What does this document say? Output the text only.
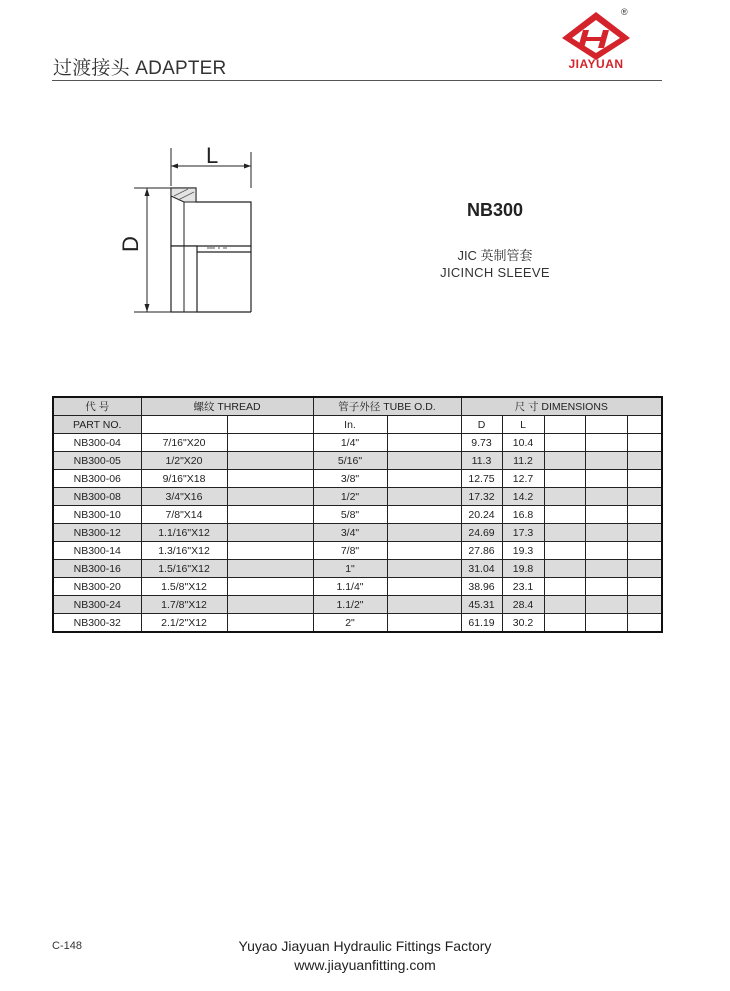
过渡接头 ADAPTER
®
JIAYUAN
L
D
NB300
JIC 英制管套
JICINCH SLEEVE
代 号	螺纹 THREAD		管子外径 TUBE O.D.		尺 寸 DIMENSIONS				
PART NO.			In.		D	L			
NB300-04	7/16"X20		1/4"		9.73	10.4			
NB300-05	1/2"X20		5/16"		11.3	11.2			
NB300-06	9/16"X18		3/8"		12.75	12.7			
NB300-08	3/4"X16		1/2"		17.32	14.2			
NB300-10	7/8"X14		5/8"		20.24	16.8			
NB300-12	1.1/16"X12		3/4"		24.69	17.3			
NB300-14	1.3/16"X12		7/8"		27.86	19.3			
NB300-16	1.5/16"X12		1"		31.04	19.8			
NB300-20	1.5/8"X12		1.1/4"		38.96	23.1			
NB300-24	1.7/8"X12		1.1/2"		45.31	28.4			
NB300-32	2.1/2"X12		2"		61.19	30.2			
C-148	Yuyao Jiayuan Hydraulic Fittings Factory
www.jiayuanfitting.com
